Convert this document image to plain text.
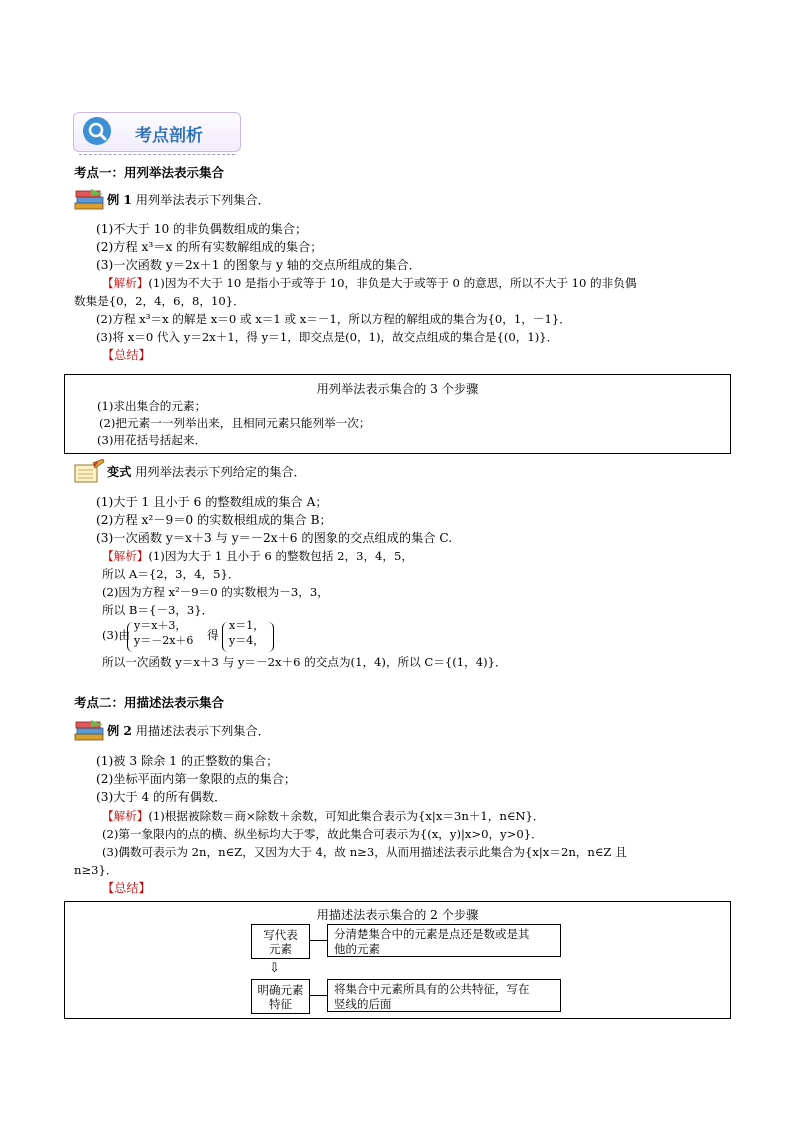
考点剖析
考点一：用列举法表示集合
例 1 用列举法表示下列集合．
(1)不大于 10 的非负偶数组成的集合；
(2)方程 x³＝x 的所有实数解组成的集合；
(3)一次函数 y＝2x＋1 的图象与 y 轴的交点所组成的集合．
【解析】(1)因为不大于 10 是指小于或等于 10，非负是大于或等于 0 的意思，所以不大于 10 的非负偶
数集是{0，2，4，6，8，10}．
(2)方程 x³＝x 的解是 x＝0 或 x＝1 或 x＝－1，所以方程的解组成的集合为{0，1，－1}．
(3)将 x＝0 代入 y＝2x＋1，得 y＝1，即交点是(0，1)，故交点组成的集合是{(0，1)}．
【总结】
用列举法表示集合的 3 个步骤
(1)求出集合的元素；
(2)把元素一一列举出来，且相同元素只能列举一次；
(3)用花括号括起来．
变式 用列举法表示下列给定的集合．
(1)大于 1 且小于 6 的整数组成的集合 A；
(2)方程 x²－9＝0 的实数根组成的集合 B；
(3)一次函数 y＝x＋3 与 y＝－2x＋6 的图象的交点组成的集合 C.
【解析】(1)因为大于 1 且小于 6 的整数包括 2，3，4，5，
所以 A＝{2，3，4，5}．
(2)因为方程 x²－9＝0 的实数根为－3，3，
所以 B＝{－3，3}．
(3)由
y＝x＋3，
y＝－2x＋6 得
x＝1，
y＝4，
所以一次函数 y＝x＋3 与 y＝－2x＋6 的交点为(1，4)，所以 C＝{(1，4)}．
考点二：用描述法表示集合
例 2 用描述法表示下列集合．
(1)被 3 除余 1 的正整数的集合；
(2)坐标平面内第一象限的点的集合；
(3)大于 4 的所有偶数．
【解析】(1)根据被除数＝商×除数＋余数，可知此集合表示为{x|x＝3n＋1，n∈N}．
(2)第一象限内的点的横、纵坐标均大于零，故此集合可表示为{(x，y)|x>0，y>0}．
(3)偶数可表示为 2n，n∈Z，又因为大于 4，故 n≥3，从而用描述法表示此集合为{x|x＝2n，n∈Z 且
n≥3}．
【总结】
用描述法表示集合的 2 个步骤
写代表
元素
分清楚集合中的元素是点还是数或是其
他的元素
⇩
明确元素
特征
将集合中元素所具有的公共特征，写在
竖线的后面
